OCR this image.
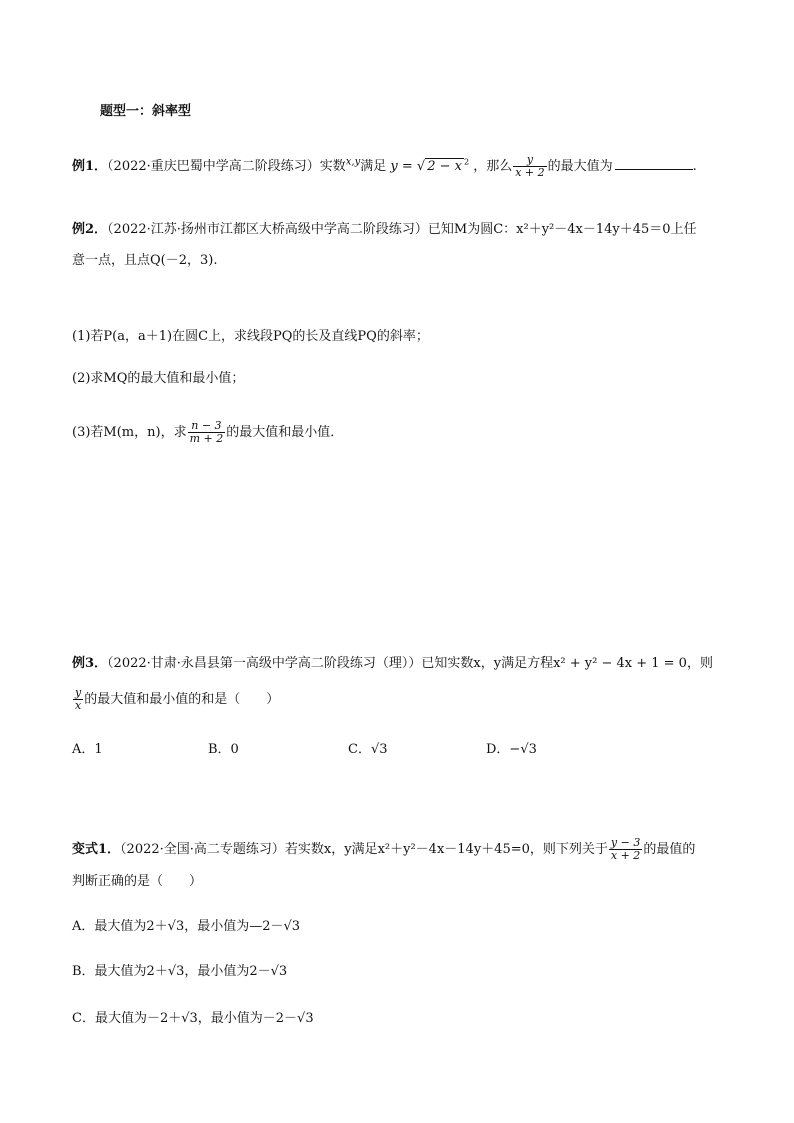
题型一：斜率型
例1．（2022·重庆巴蜀中学高二阶段练习）实数$^{x,y}$满足 y = √ 2 − x $^2$ ，那么 $\frac{y}{x + 2}$ 的最大值为	.
例2．（2022·江苏·扬州市江都区大桥高级中学高二阶段练习）已知M为圆C：x²＋y²－4x－14y＋45＝0上任
意一点，且点Q(－2，3).
(1)若P(a，a＋1)在圆C上，求线段PQ的长及直线PQ的斜率；
(2)求MQ的最大值和最小值；
(3)若M(m，n)，求 $\frac{n - 3}{m + 2}$ 的最大值和最小值．
例3．（2022·甘肃·永昌县第一高级中学高二阶段练习（理））已知实数x，y满足方程x² + y² − 4x + 1 = 0，则
$\frac{y}{x}$ 的最大值和最小值的和是（　　）
A．1	B．0	C．√3	D．−√3
变式1．（2022·全国·高二专题练习）若实数x，y满足x²＋y²－4x－14y＋45=0，则下列关于 $\frac{y - 3}{x + 2}$ 的最值的
判断正确的是（　　）
A．最大值为2＋√3，最小值为—2－√3
B．最大值为2＋√3，最小值为2－√3
C．最大值为－2＋√3，最小值为－2－√3
